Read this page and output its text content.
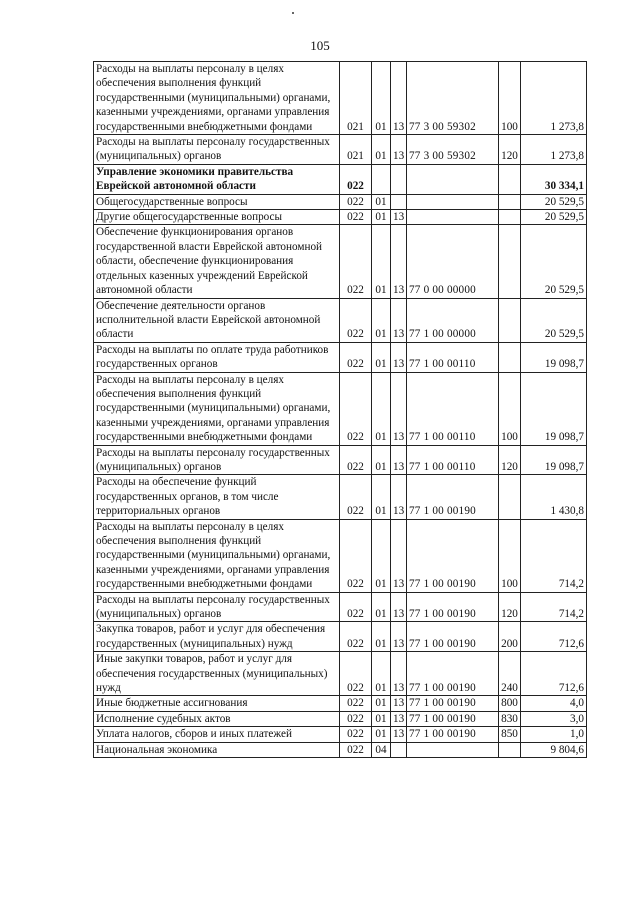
105
Расходы на выплаты персоналу в целях обеспечения выполнения функций государственными (муниципальными) органами, казенными учреждениями, органами управления государственными внебюджетными фондами	021	01	13	77 3 00 59302	100	1 273,8
Расходы на выплаты персоналу государственных (муниципальных) органов	021	01	13	77 3 00 59302	120	1 273,8
Управление экономики правительства Еврейской автономной области	022					30 334,1
Общегосударственные вопросы	022	01				20 529,5
Другие общегосударственные вопросы	022	01	13			20 529,5
Обеспечение функционирования органов государственной власти Еврейской автономной области, обеспечение функционирования отдельных казенных учреждений Еврейской автономной области	022	01	13	77 0 00 00000		20 529,5
Обеспечение деятельности органов исполнительной власти Еврейской автономной области	022	01	13	77 1 00 00000		20 529,5
Расходы на выплаты по оплате труда работников государственных органов	022	01	13	77 1 00 00110		19 098,7
Расходы на выплаты персоналу в целях обеспечения выполнения функций государственными (муниципальными) органами, казенными учреждениями, органами управления государственными внебюджетными фондами	022	01	13	77 1 00 00110	100	19 098,7
Расходы на выплаты персоналу государственных (муниципальных) органов	022	01	13	77 1 00 00110	120	19 098,7
Расходы на обеспечение функций государственных органов, в том числе территориальных органов	022	01	13	77 1 00 00190		1 430,8
Расходы на выплаты персоналу в целях обеспечения выполнения функций государственными (муниципальными) органами, казенными учреждениями, органами управления государственными внебюджетными фондами	022	01	13	77 1 00 00190	100	714,2
Расходы на выплаты персоналу государственных (муниципальных) органов	022	01	13	77 1 00 00190	120	714,2
Закупка товаров, работ и услуг для обеспечения государственных (муниципальных) нужд	022	01	13	77 1 00 00190	200	712,6
Иные закупки товаров, работ и услуг для обеспечения государственных (муниципальных) нужд	022	01	13	77 1 00 00190	240	712,6
Иные бюджетные ассигнования	022	01	13	77 1 00 00190	800	4,0
Исполнение судебных актов	022	01	13	77 1 00 00190	830	3,0
Уплата налогов, сборов и иных платежей	022	01	13	77 1 00 00190	850	1,0
Национальная экономика	022	04				9 804,6
